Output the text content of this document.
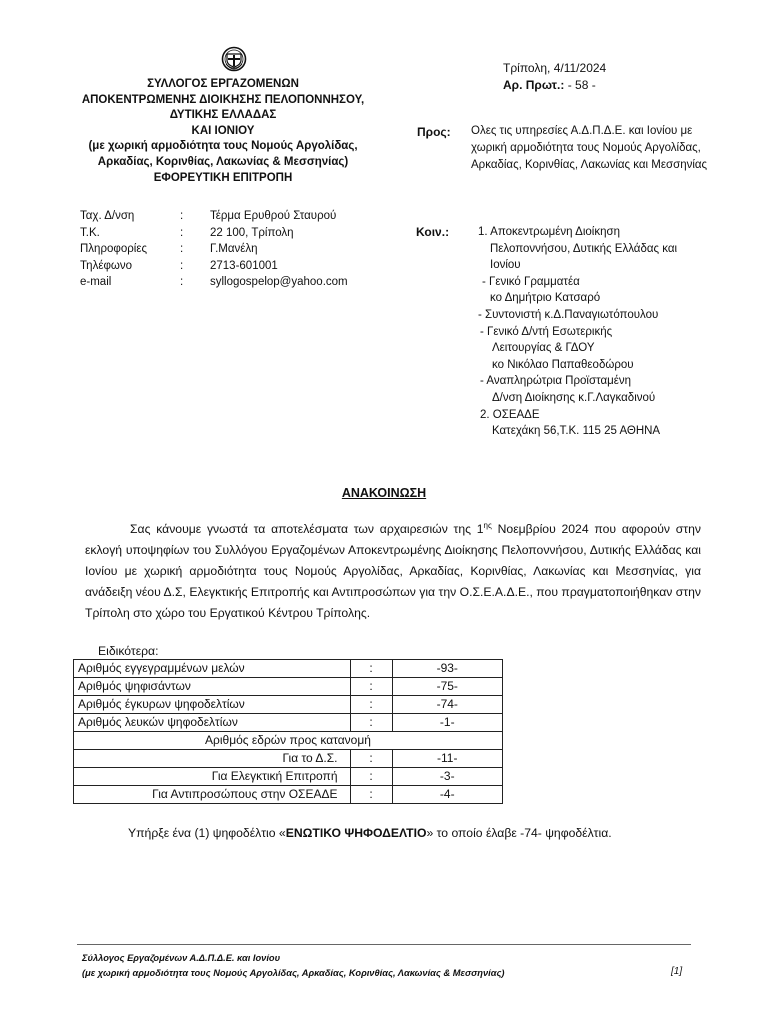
ΣΥΛΛΟΓΟΣ ΕΡΓΑΖΟΜΕΝΩΝ
ΑΠΟΚΕΝΤΡΩΜΕΝΗΣ ΔΙΟΙΚΗΣΗΣ ΠΕΛΟΠΟΝΝΗΣΟΥ,
ΔΥΤΙΚΗΣ ΕΛΛΑΔΑΣ
ΚΑΙ ΙΟΝΙΟΥ
(με χωρική αρμοδιότητα τους Νομούς Αργολίδας,
Αρκαδίας, Κορινθίας, Λακωνίας & Μεσσηνίας)
ΕΦΟΡΕΥΤΙΚΗ ΕΠΙΤΡΟΠΗ
Τρίπολη, 4/11/2024
Αρ. Πρωτ.: - 58 -
Προς: Ολες τις υπηρεσίες Α.Δ.Π.Δ.Ε. και Ιονίου με χωρική αρμοδιότητα τους Νομούς Αργολίδας, Αρκαδίας, Κορινθίας, Λακωνίας και Μεσσηνίας
Ταχ. Δ/νση	:	Τέρμα Ερυθρού Σταυρού
Τ.Κ.	:	22 100, Τρίπολη
Πληροφορίες	:	Γ.Μανέλη
Τηλέφωνο	:	2713-601001
e-mail	:	syllogospelop@yahoo.com
Κοιν.:	1. Αποκεντρωμένη Διοίκηση
Πελοποννήσου, Δυτικής Ελλάδας και
Ιονίου
- Γενικό Γραμματέα
κο Δημήτριο Κατσαρό
- Συντονιστή κ.Δ.Παναγιωτόπουλου
- Γενικό Δ/ντή Εσωτερικής
Λειτουργίας & ΓΔΟΥ
κο Νικόλαο Παπαθεοδώρου
- Αναπληρώτρια Προϊσταμένη
Δ/νση Διοίκησης κ.Γ.Λαγκαδινού
2. ΟΣΕΑΔΕ
Κατεχάκη 56,Τ.Κ. 115 25 ΑΘΗΝΑ
ΑΝΑΚΟΙΝΩΣΗ

Σας κάνουμε γνωστά τα αποτελέσματα των αρχαιρεσιών της $1^{\eta\varsigma}$ Νοεμβρίου 2024 που αφορούν στην εκλογή υποψηφίων του Συλλόγου Εργαζομένων Αποκεντρωμένης Διοίκησης Πελοποννήσου, Δυτικής Ελλάδας και Ιονίου με χωρική αρμοδιότητα τους Νομούς Αργολίδας, Αρκαδίας, Κορινθίας, Λακωνίας και Μεσσηνίας, για ανάδειξη νέου Δ.Σ, Ελεγκτικής Επιτροπής και Αντιπροσώπων για την Ο.Σ.Ε.Α.Δ.Ε., που πραγματοποιήθηκαν στην Τρίπολη στο χώρο του Εργατικού Κέντρου Τρίπολης.

Ειδικότερα:
Αριθμός εγγεγραμμένων μελών	:	-93-
Αριθμός ψηφισάντων	:	-75-
Αριθμός έγκυρων ψηφοδελτίων	:	-74-
Αριθμός λευκών ψηφοδελτίων	:	-1-
Αριθμός εδρών προς κατανομή		
Για το Δ.Σ.	:	-11-
Για Ελεγκτική Επιτροπή	:	-3-
Για Αντιπροσώπους στην ΟΣΕΑΔΕ	:	-4-
Υπήρξε ένα (1) ψηφοδέλτιο «ΕΝΩΤΙΚΟ ΨΗΦΟΔΕΛΤΙΟ» το οποίο έλαβε -74- ψηφοδέλτια.
Σύλλογος Εργαζομένων Α.Δ.Π.Δ.Ε. και Ιονίου
(με χωρική αρμοδιότητα τους Νομούς Αργολίδας, Αρκαδίας, Κορινθίας, Λακωνίας & Μεσσηνίας)	[1]
